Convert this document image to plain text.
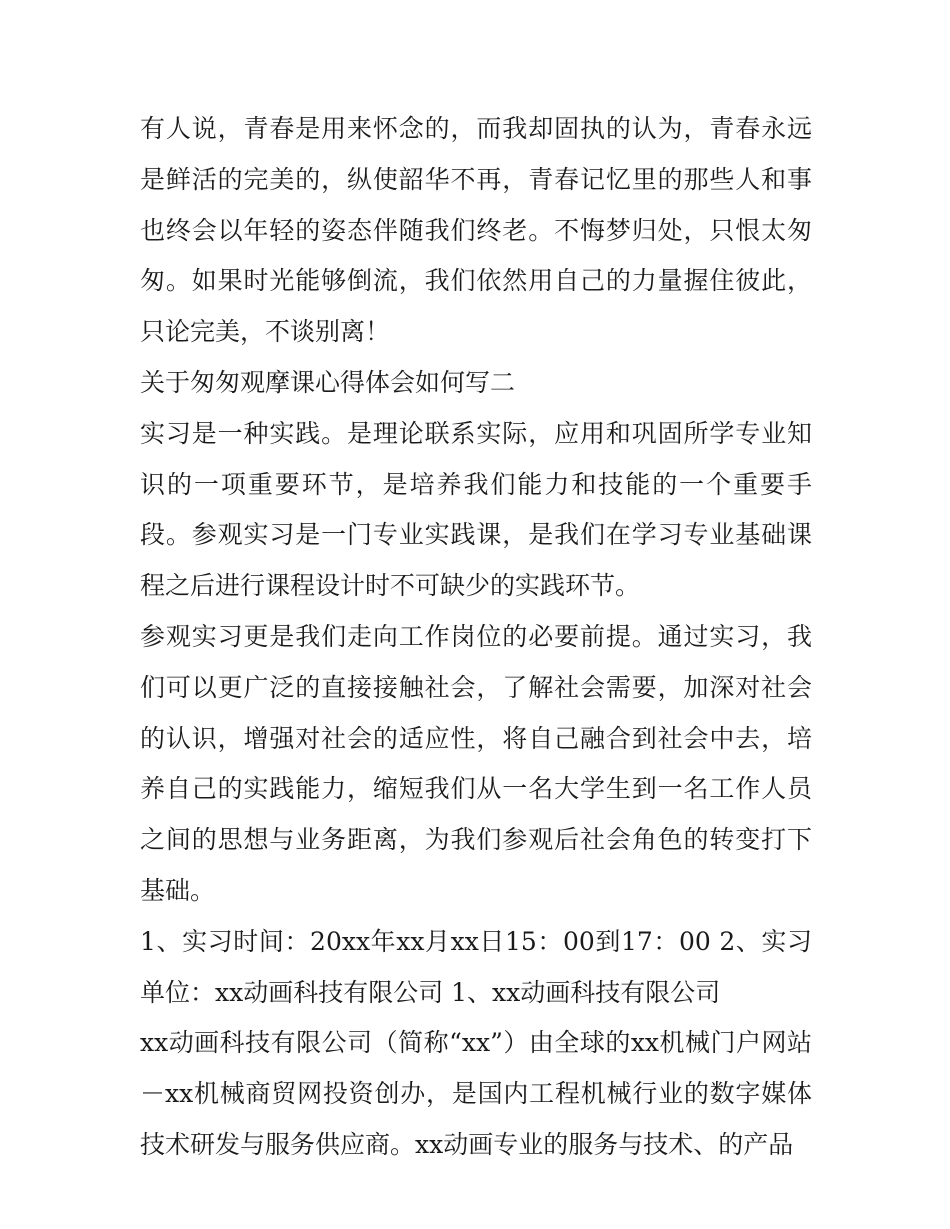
有人说，青春是用来怀念的，而我却固执的认为，青春永远是鲜活的完美的，纵使韶华不再，青春记忆里的那些人和事也终会以年轻的姿态伴随我们终老。不悔梦归处，只恨太匆匆。如果时光能够倒流，我们依然用自己的力量握住彼此，只论完美，不谈别离！

关于匆匆观摩课心得体会如何写二

实习是一种实践。是理论联系实际，应用和巩固所学专业知识的一项重要环节，是培养我们能力和技能的一个重要手段。参观实习是一门专业实践课，是我们在学习专业基础课程之后进行课程设计时不可缺少的实践环节。

参观实习更是我们走向工作岗位的必要前提。通过实习，我们可以更广泛的直接接触社会，了解社会需要，加深对社会的认识，增强对社会的适应性，将自己融合到社会中去，培养自己的实践能力，缩短我们从一名大学生到一名工作人员之间的思想与业务距离，为我们参观后社会角色的转变打下基础。

1、实习时间：20xx年xx月xx日15：00到17：00 2、实习单位：xx动画科技有限公司 1、xx动画科技有限公司

xx动画科技有限公司（简称“xx”）由全球的xx机械门户网站－xx机械商贸网投资创办，是国内工程机械行业的数字媒体技术研发与服务供应商。xx动画专业的服务与技术、的产品
